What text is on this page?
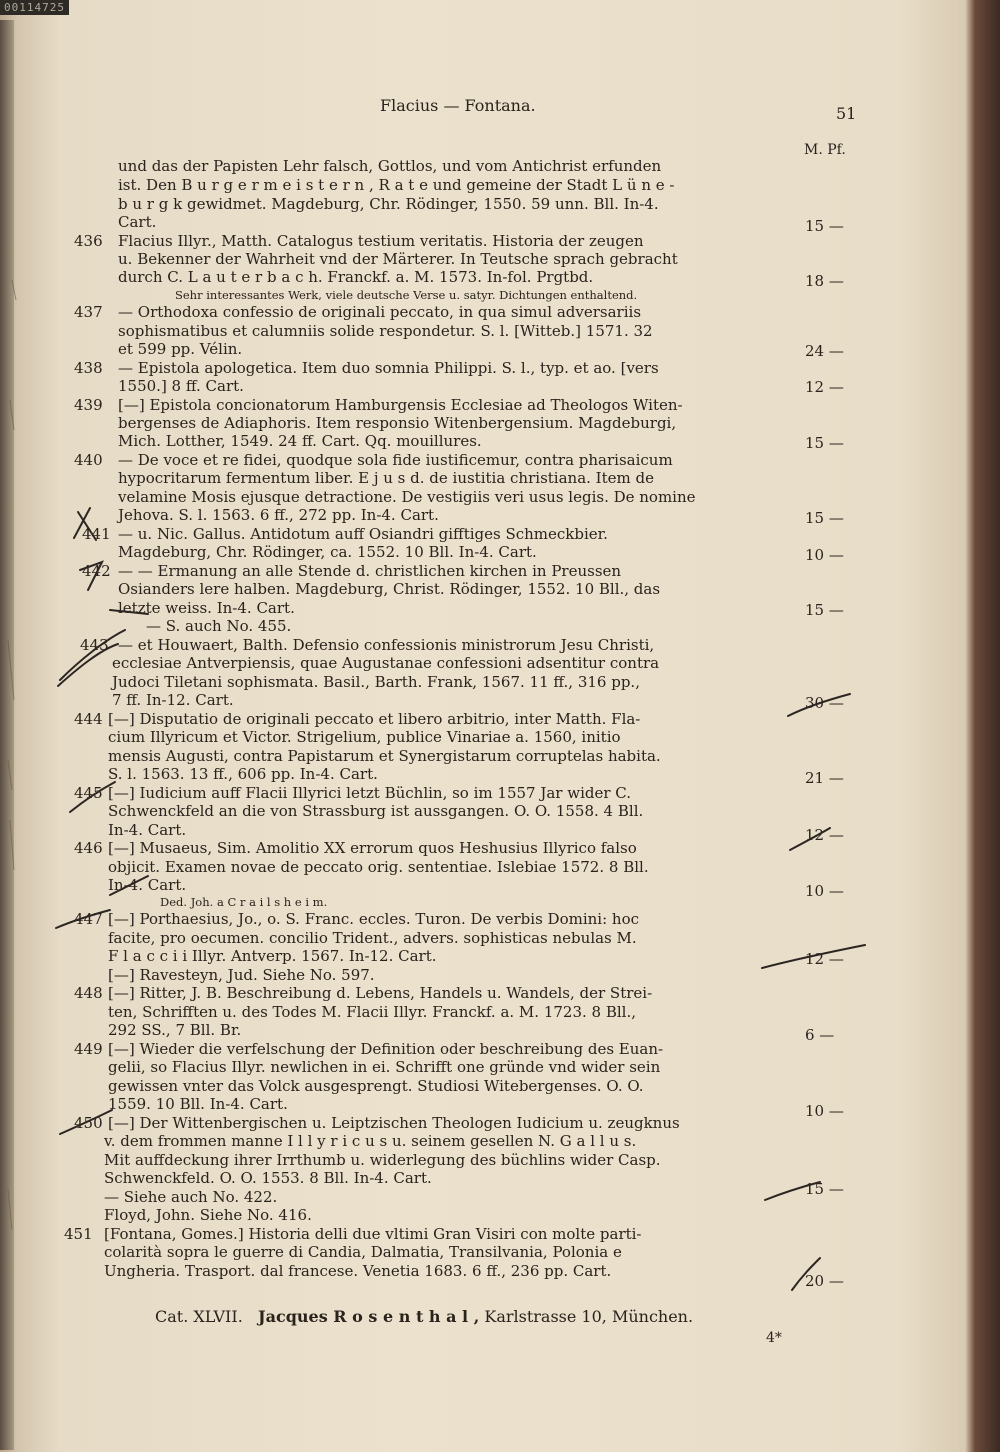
00114725
Flacius — Fontana.	51
M. Pf.
und das der Papisten Lehr falsch, Gottlos, und vom Antichrist erfunden
ist. Den B u r g e r m e i s t e r n , R a t e und gemeine der Stadt L ü n e -
b u r g k gewidmet. Magdeburg, Chr. Rödinger, 1550. 59 unn. Bll. In-4.
Cart.
Flacius Illyr., Matth. Catalogus testium veritatis. Historia der zeugen
u. Bekenner der Wahrheit vnd der Märterer. In Teutsche sprach gebracht
durch C. L a u t e r b a c h. Franckf. a. M. 1573. In-fol. Prgtbd.
Sehr interessantes Werk, viele deutsche Verse u. satyr. Dichtungen enthaltend.
— Orthodoxa confessio de originali peccato, in qua simul adversariis
sophismatibus et calumniis solide respondetur. S. l. [Witteb.] 1571. 32
et 599 pp. Vélin.
— Epistola apologetica. Item duo somnia Philippi. S. l., typ. et ao. [vers
1550.] 8 ff. Cart.
[—] Epistola concionatorum Hamburgensis Ecclesiae ad Theologos Witen-
bergenses de Adiaphoris. Item responsio Witenbergensium. Magdeburgi,
Mich. Lotther, 1549. 24 ff. Cart. Qq. mouillures.
— De voce et re fidei, quodque sola fide iustificemur, contra pharisaicum
hypocritarum fermentum liber. E j u s d. de iustitia christiana. Item de
velamine Mosis ejusque detractione. De vestigiis veri usus legis. De nomine
Jehova. S. l. 1563. 6 ff., 272 pp. In-4. Cart.
— u. Nic. Gallus. Antidotum auff Osiandri gifftiges Schmeckbier.
Magdeburg, Chr. Rödinger, ca. 1552. 10 Bll. In-4. Cart.
— — Ermanung an alle Stende d. christlichen kirchen in Preussen
Osianders lere halben. Magdeburg, Christ. Rödinger, 1552. 10 Bll., das
letzte weiss. In-4. Cart.
— S. auch No. 455.
— et Houwaert, Balth. Defensio confessionis ministrorum Jesu Christi,
ecclesiae Antverpiensis, quae Augustanae confessioni adsentitur contra
Judoci Tiletani sophismata. Basil., Barth. Frank, 1567. 11 ff., 316 pp.,
7 ff. In-12. Cart.
[—] Disputatio de originali peccato et libero arbitrio, inter Matth. Fla-
cium Illyricum et Victor. Strigelium, publice Vinariae a. 1560, initio
mensis Augusti, contra Papistarum et Synergistarum corruptelas habita.
S. l. 1563. 13 ff., 606 pp. In-4. Cart.
[—] Iudicium auff Flacii Illyrici letzt Büchlin, so im 1557 Jar wider C.
Schwenckfeld an die von Strassburg ist aussgangen. O. O. 1558. 4 Bll.
In-4. Cart.
[—] Musaeus, Sim. Amolitio XX errorum quos Heshusius Illyrico falso
objicit. Examen novae de peccato orig. sententiae. Islebiae 1572. 8 Bll.
In-4. Cart.
Ded. Joh. a C r a i l s h e i m.
[—] Porthaesius, Jo., o. S. Franc. eccles. Turon. De verbis Domini: hoc
facite, pro oecumen. concilio Trident., advers. sophisticas nebulas M.
F l a c c i i Illyr. Antverp. 1567. In-12. Cart.
[—] Ravesteyn, Jud. Siehe No. 597.
[—] Ritter, J. B. Beschreibung d. Lebens, Handels u. Wandels, der Strei-
ten, Schrifften u. des Todes M. Flacii Illyr. Franckf. a. M. 1723. 8 Bll.,
292 SS., 7 Bll. Br.
[—] Wieder die verfelschung der Definition oder beschreibung des Euan-
gelii, so Flacius Illyr. newlichen in ei. Schrifft one gründe vnd wider sein
gewissen vnter das Volck ausgesprengt. Studiosi Witebergenses. O. O.
1559. 10 Bll. In-4. Cart.
[—] Der Wittenbergischen u. Leiptzischen Theologen Iudicium u. zeugknus
v. dem frommen manne I l l y r i c u s u. seinem gesellen N. G a l l u s.
Mit auffdeckung ihrer Irrthumb u. widerlegung des büchlins wider Casp.
Schwenckfeld. O. O. 1553. 8 Bll. In-4. Cart.
— Siehe auch No. 422.
Floyd, John. Siehe No. 416.
[Fontana, Gomes.] Historia delli due vltimi Gran Visiri con molte parti-
colarità sopra le guerre di Candia, Dalmatia, Transilvania, Polonia e
Ungheria. Trasport. dal francese. Venetia 1683. 6 ff., 236 pp. Cart.
436
437
438
439
440
441
442
443
444
445
446
447
448
449
450
451
15 —
18 —
24 —
12 —
15 —
15 —
10 —
15 —
30 —
21 —
12 —
10 —
12 —
6 —
10 —
15 —
20 —
Cat. XLVII. Jacques R o s e n t h a l , Karlstrasse 10, München.
4*
